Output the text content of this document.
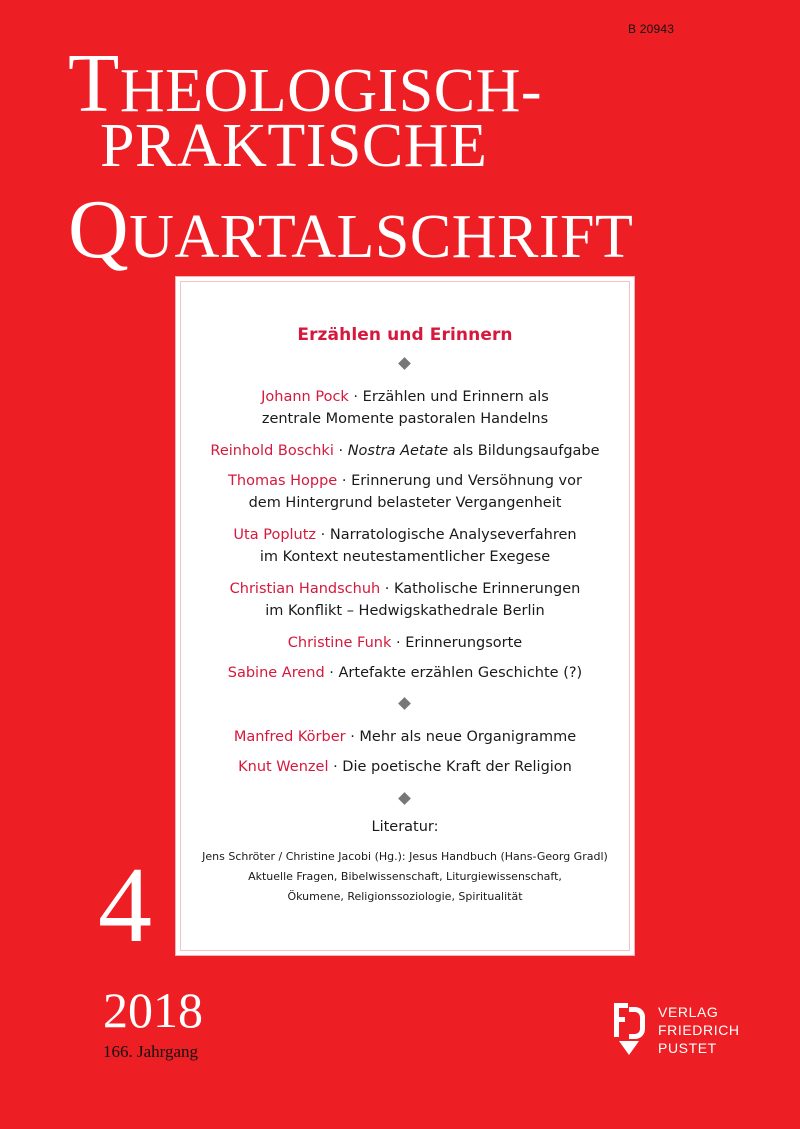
B 20943
THEOLOGISCH-
PRAKTISCHE
QUARTALSCHRIFT
Erzählen und Erinnern
Johann Pock · Erzählen und Erinnern als
zentrale Momente pastoralen Handelns
Reinhold Boschki · Nostra Aetate als Bildungsaufgabe
Thomas Hoppe · Erinnerung und Versöhnung vor
dem Hintergrund belasteter Vergangenheit
Uta Poplutz · Narratologische Analyseverfahren
im Kontext neutestamentlicher Exegese
Christian Handschuh · Katholische Erinnerungen
im Konflikt – Hedwigskathedrale Berlin
Christine Funk · Erinnerungsorte
Sabine Arend · Artefakte erzählen Geschichte (?)
Manfred Körber · Mehr als neue Organigramme
Knut Wenzel · Die poetische Kraft der Religion
Literatur:
Jens Schröter / Christine Jacobi (Hg.): Jesus Handbuch (Hans-Georg Gradl)
Aktuelle Fragen, Bibelwissenschaft, Liturgiewissenschaft,
Ökumene, Religionssoziologie, Spiritualität
4
2018
166. Jahrgang
VERLAG
FRIEDRICH
PUSTET
